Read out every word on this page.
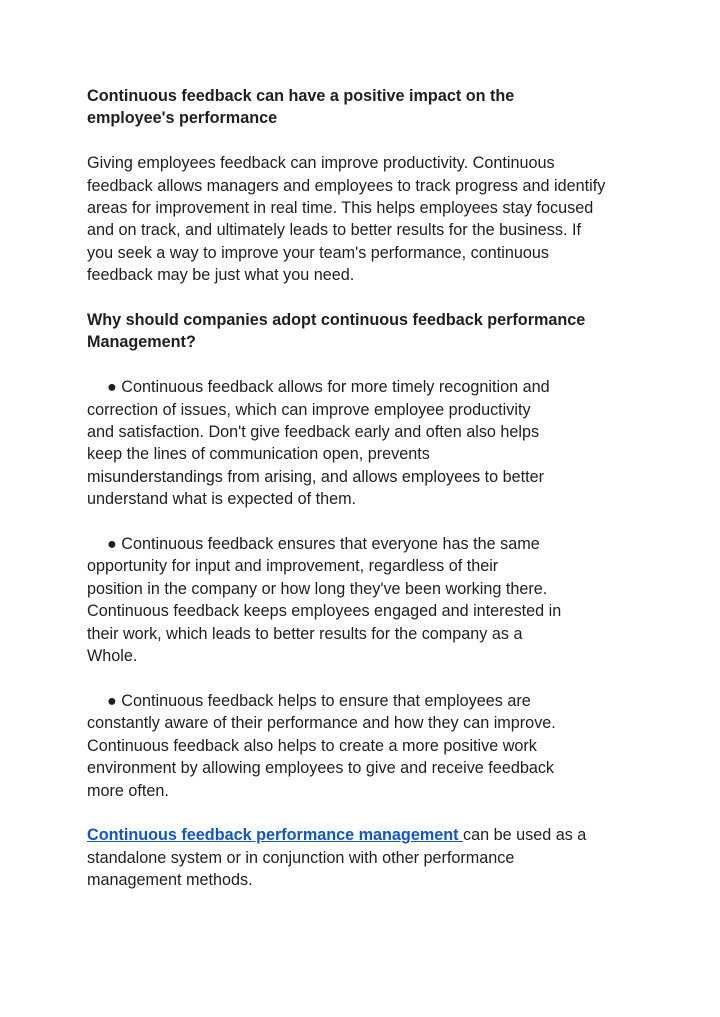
Continuous feedback can have a positive impact on the
employee's performance
Giving employees feedback can improve productivity. Continuous
feedback allows managers and employees to track progress and identify
areas for improvement in real time. This helps employees stay focused
and on track, and ultimately leads to better results for the business. If
you seek a way to improve your team's performance, continuous
feedback may be just what you need.
Why should companies adopt continuous feedback performance
Management?
● Continuous feedback allows for more timely recognition and
correction of issues, which can improve employee productivity
and satisfaction. Don't give feedback early and often also helps
keep the lines of communication open, prevents
misunderstandings from arising, and allows employees to better
understand what is expected of them.
● Continuous feedback ensures that everyone has the same
opportunity for input and improvement, regardless of their
position in the company or how long they've been working there.
Continuous feedback keeps employees engaged and interested in
their work, which leads to better results for the company as a
Whole.
● Continuous feedback helps to ensure that employees are
constantly aware of their performance and how they can improve.
Continuous feedback also helps to create a more positive work
environment by allowing employees to give and receive feedback
more often.
Continuous feedback performance management can be used as a
standalone system or in conjunction with other performance
management methods.
